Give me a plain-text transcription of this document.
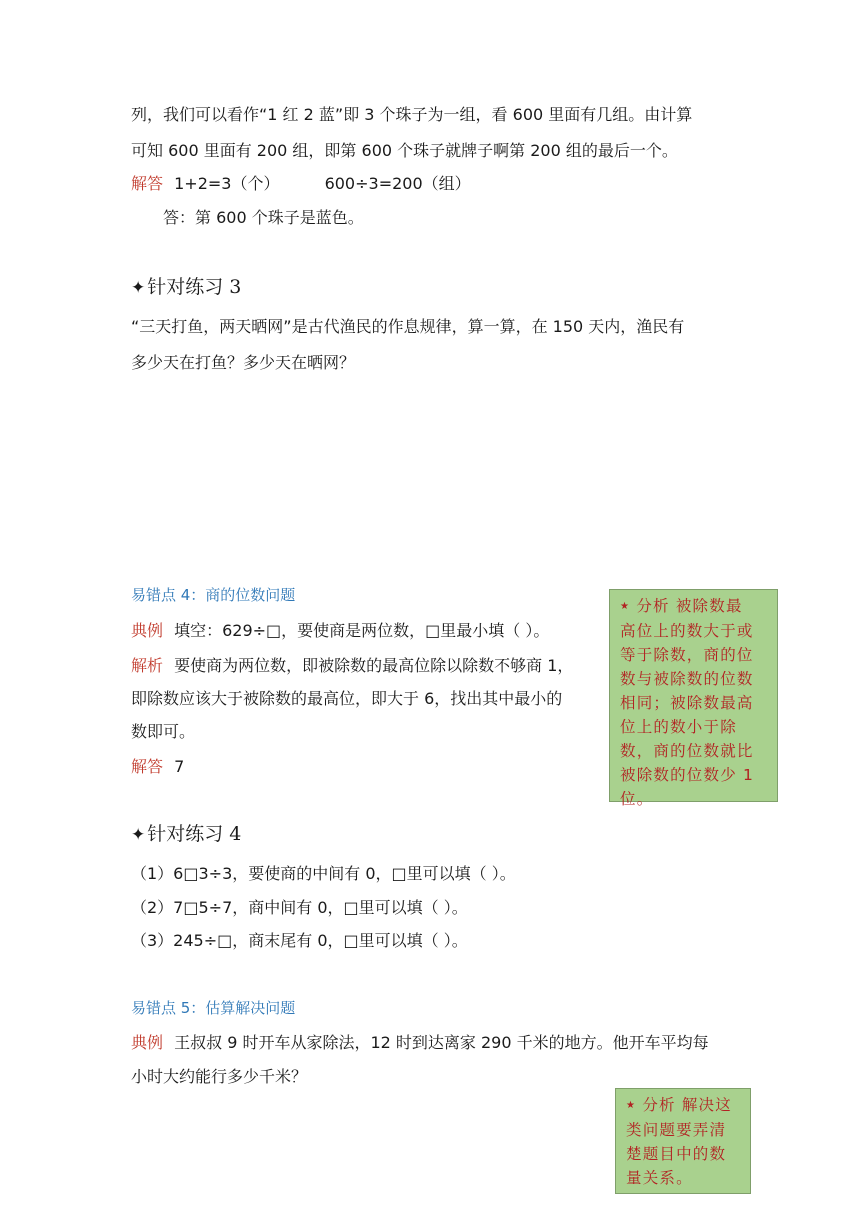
列，我们可以看作“1 红 2 蓝”即 3 个珠子为一组，看 600 里面有几组。由计算
可知 600 里面有 200 组，即第 600 个珠子就牌子啊第 200 组的最后一个。
解答 1+2=3（个）	600÷3=200（组）
答：第 600 个珠子是蓝色。
✦ 针对练习 3
“三天打鱼，两天晒网”是古代渔民的作息规律，算一算，在 150 天内，渔民有
多少天在打鱼？多少天在晒网？
易错点 4：商的位数问题
典例 填空：629÷□，要使商是两位数，□里最小填（ ）。
解析 要使商为两位数，即被除数的最高位除以除数不够商 1，
即除数应该大于被除数的最高位，即大于 6，找出其中最小的
数即可。
解答 7
★ 分析 被除数最
高位上的数大于或
等于除数，商的位
数与被除数的位数
相同；被除数最高
位上的数小于除
数，商的位数就比
被除数的位数少 1
位。
✦ 针对练习 4
（1）6□3÷3，要使商的中间有 0，□里可以填（ ）。
（2）7□5÷7，商中间有 0，□里可以填（ ）。
（3）245÷□，商末尾有 0，□里可以填（ ）。
易错点 5：估算解决问题
典例 王叔叔 9 时开车从家除法，12 时到达离家 290 千米的地方。他开车平均每
小时大约能行多少千米？
★ 分析 解决这
类问题要弄清
楚题目中的数
量关系。
